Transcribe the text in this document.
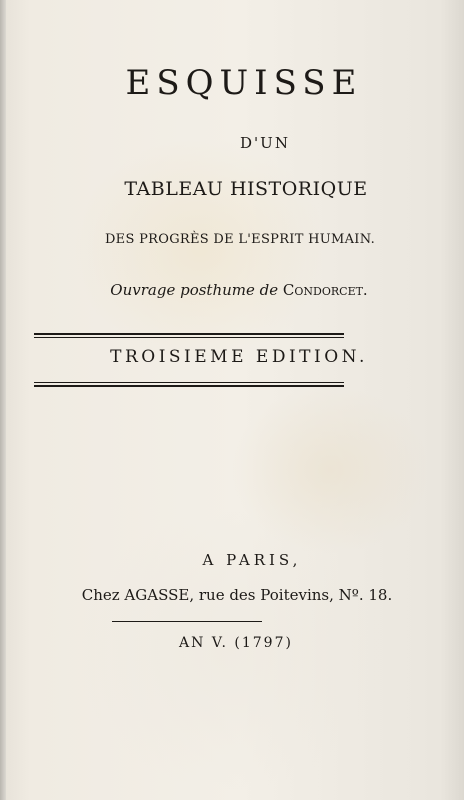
ESQUISSE
D'UN
TABLEAU HISTORIQUE
DES PROGRÈS DE L'ESPRIT HUMAIN.
Ouvrage posthume de Condorcet.
TROISIEME EDITION.
A PARIS,
Chez AGASSE, rue des Poitevins, Nº. 18.
AN V. (1797)
